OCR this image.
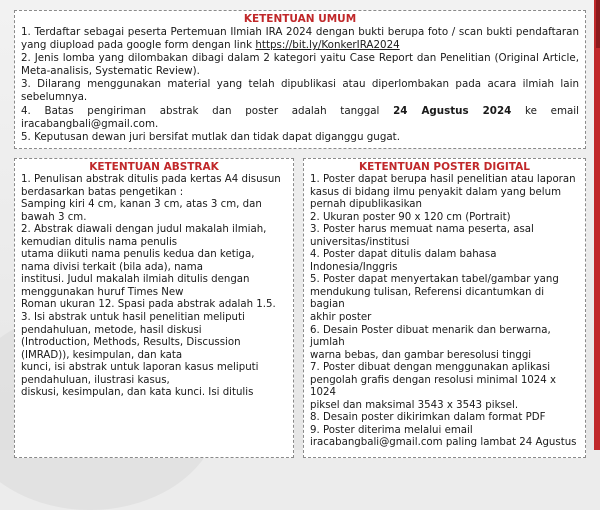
KETENTUAN UMUM

1. Terdaftar sebagai peserta Pertemuan Ilmiah IRA 2024 dengan bukti berupa foto / scan bukti pendaftaran yang diupload pada google form dengan link https://bit.ly/KonkerIRA2024

2. Jenis lomba yang dilombakan dibagi dalam 2 kategori yaitu Case Report dan Penelitian (Original Article, Meta-analisis, Systematic Review).

3. Dilarang menggunakan material yang telah dipublikasi atau diperlombakan pada acara ilmiah lain sebelumnya.

4. Batas pengiriman abstrak dan poster adalah tanggal 24 Agustus 2024 ke email iracabangbali@gmail.com.

5. Keputusan dewan juri bersifat mutlak dan tidak dapat diganggu gugat.

KETENTUAN ABSTRAK

1. Penulisan abstrak ditulis pada kertas A4 disusun

berdasarkan batas pengetikan :

Samping kiri 4 cm, kanan 3 cm, atas 3 cm, dan

bawah 3 cm.

2. Abstrak diawali dengan judul makalah ilmiah,

kemudian ditulis nama penulis

utama diikuti nama penulis kedua dan ketiga,

nama divisi terkait (bila ada), nama

institusi. Judul makalah ilmiah ditulis dengan

menggunakan huruf Times New

Roman ukuran 12. Spasi pada abstrak adalah 1.5.

3. Isi abstrak untuk hasil penelitian meliputi

pendahuluan, metode, hasil diskusi

(Introduction, Methods, Results, Discussion

(IMRAD)), kesimpulan, dan kata

kunci, isi abstrak untuk laporan kasus meliputi

pendahuluan, ilustrasi kasus,

diskusi, kesimpulan, dan kata kunci. Isi ditulis

KETENTUAN POSTER DIGITAL

1. Poster dapat berupa hasil penelitian atau laporan

kasus di bidang ilmu penyakit dalam yang belum

pernah dipublikasikan

2. Ukuran poster 90 x 120 cm (Portrait)

3. Poster harus memuat nama peserta, asal

universitas/institusi

4. Poster dapat ditulis dalam bahasa Indonesia/Inggris

5. Poster dapat menyertakan tabel/gambar yang

mendukung tulisan, Referensi dicantumkan di bagian

akhir poster

6. Desain Poster dibuat menarik dan berwarna, jumlah

warna bebas, dan gambar beresolusi tinggi

7. Poster dibuat dengan menggunakan aplikasi

pengolah grafis dengan resolusi minimal 1024 x 1024

piksel dan maksimal 3543 x 3543 piksel.

8. Desain poster dikirimkan dalam format PDF

9. Poster diterima melalui email

iracabangbali@gmail.com paling lambat 24 Agustus
